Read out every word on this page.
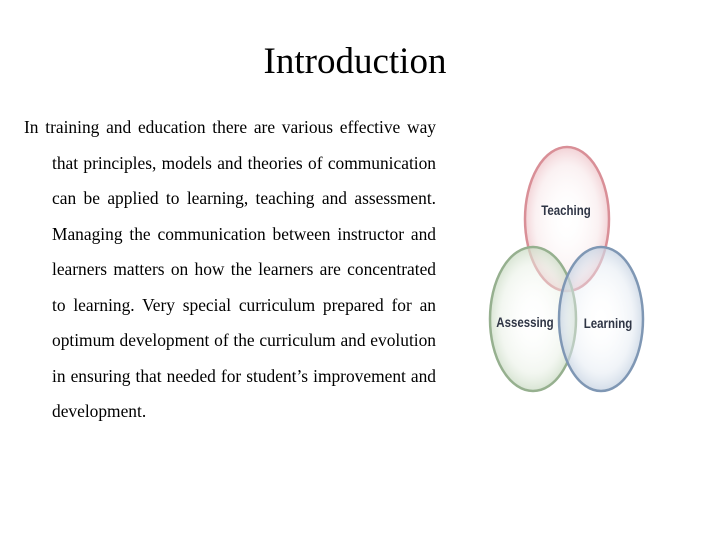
Introduction

In training and education there are various effective way that principles, models and theories of communication can be applied to learning, teaching and assessment. Managing the communication between instructor and learners matters on how the learners are concentrated to learning. Very special curriculum prepared for an optimum development of the curriculum and evolution in ensuring that needed for student’s improvement and development.

Teaching
Assessing Learning
